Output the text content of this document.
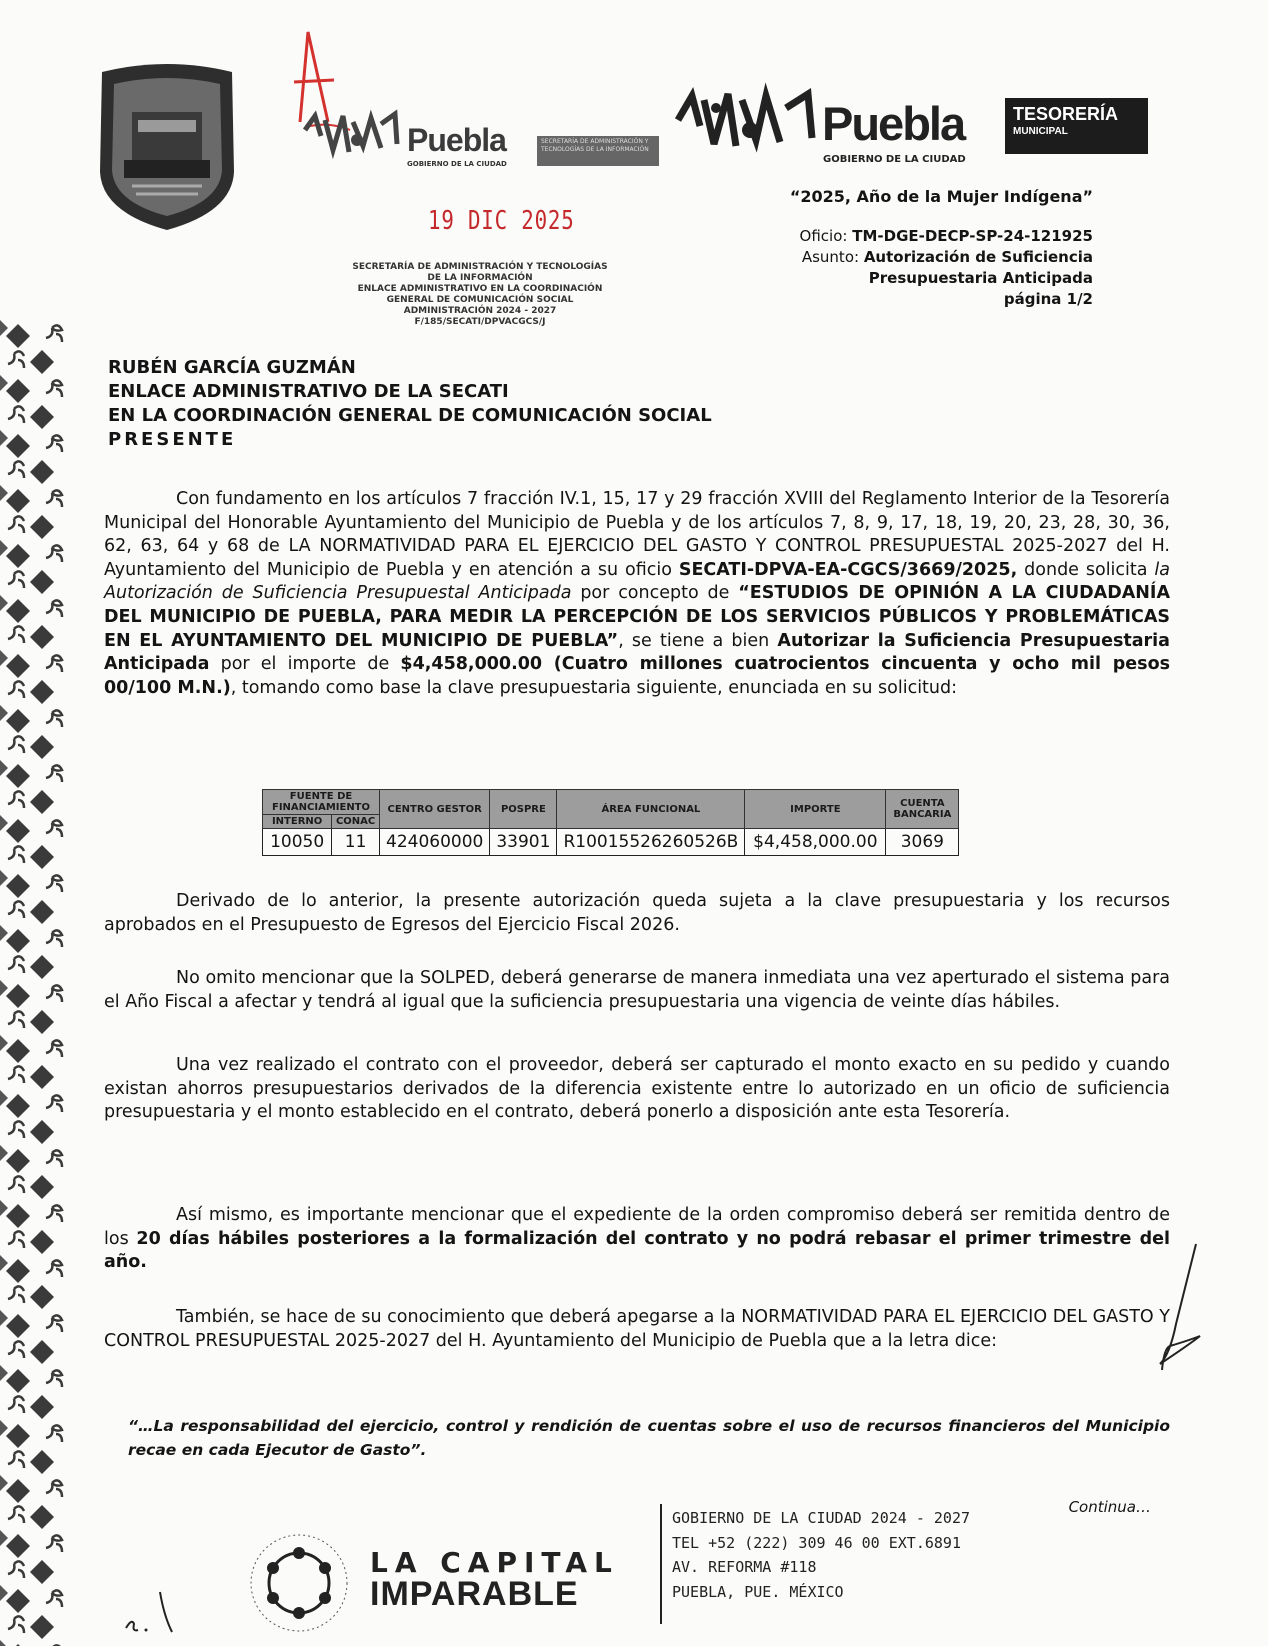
Puebla
GOBIERNO DE LA CIUDAD
SECRETARÍA DE ADMINISTRACIÓN Y TECNOLOGÍAS DE LA INFORMACIÓN	Puebla
GOBIERNO DE LA CIUDAD
TESORERÍA
MUNICIPAL
“2025, Año de la Mujer Indígena”
19 DIC 2025
SECRETARÍA DE ADMINISTRACIÓN Y TECNOLOGÍAS
DE LA INFORMACIÓN
ENLACE ADMINISTRATIVO EN LA COORDINACIÓN
GENERAL DE COMUNICACIÓN SOCIAL
ADMINISTRACIÓN 2024 - 2027
F/185/SECATI/DPVACGCS/J
Oficio: TM-DGE-DECP-SP-24-121925
Asunto: Autorización de Suficiencia
Presupuestaria Anticipada
página 1/2
RUBÉN GARCÍA GUZMÁN
ENLACE ADMINISTRATIVO DE LA SECATI
EN LA COORDINACIÓN GENERAL DE COMUNICACIÓN SOCIAL
PRESENTE
Con fundamento en los artículos 7 fracción IV.1, 15, 17 y 29 fracción XVIII del Reglamento Interior de la Tesorería Municipal del Honorable Ayuntamiento del Municipio de Puebla y de los artículos 7, 8, 9, 17, 18, 19, 20, 23, 28, 30, 36, 62, 63, 64 y 68 de LA NORMATIVIDAD PARA EL EJERCICIO DEL GASTO Y CONTROL PRESUPUESTAL 2025-2027 del H. Ayuntamiento del Municipio de Puebla y en atención a su oficio SECATI-DPVA-EA-CGCS/3669/2025, donde solicita la Autorización de Suficiencia Presupuestal Anticipada por concepto de “ESTUDIOS DE OPINIÓN A LA CIUDADANÍA DEL MUNICIPIO DE PUEBLA, PARA MEDIR LA PERCEPCIÓN DE LOS SERVICIOS PÚBLICOS Y PROBLEMÁTICAS EN EL AYUNTAMIENTO DEL MUNICIPIO DE PUEBLA”, se tiene a bien Autorizar la Suficiencia Presupuestaria Anticipada por el importe de $4,458,000.00 (Cuatro millones cuatrocientos cincuenta y ocho mil pesos 00/100 M.N.), tomando como base la clave presupuestaria siguiente, enunciada en su solicitud:
FUENTE DE FINANCIAMIENTO		CENTRO GESTOR	POSPRE	ÁREA FUNCIONAL	IMPORTE	CUENTA BANCARIA
INTERNO	CONAC					
10050	11	424060000	33901	R10015526260526B	$4,458,000.00	3069
Derivado de lo anterior, la presente autorización queda sujeta a la clave presupuestaria y los recursos aprobados en el Presupuesto de Egresos del Ejercicio Fiscal 2026.
No omito mencionar que la SOLPED, deberá generarse de manera inmediata una vez aperturado el sistema para el Año Fiscal a afectar y tendrá al igual que la suficiencia presupuestaria una vigencia de veinte días hábiles.
Una vez realizado el contrato con el proveedor, deberá ser capturado el monto exacto en su pedido y cuando existan ahorros presupuestarios derivados de la diferencia existente entre lo autorizado en un oficio de suficiencia presupuestaria y el monto establecido en el contrato, deberá ponerlo a disposición ante esta Tesorería.
Así mismo, es importante mencionar que el expediente de la orden compromiso deberá ser remitida dentro de los 20 días hábiles posteriores a la formalización del contrato y no podrá rebasar el primer trimestre del año.
También, se hace de su conocimiento que deberá apegarse a la NORMATIVIDAD PARA EL EJERCICIO DEL GASTO Y CONTROL PRESUPUESTAL 2025-2027 del H. Ayuntamiento del Municipio de Puebla que a la letra dice:
“…La responsabilidad del ejercicio, control y rendición de cuentas sobre el uso de recursos financieros del Municipio recae en cada Ejecutor de Gasto”.
Continua…
LA CAPITAL
IMPARABLE
GOBIERNO DE LA CIUDAD 2024 - 2027
TEL +52 (222) 309 46 00 EXT.6891
AV. REFORMA #118
PUEBLA, PUE. MÉXICO
